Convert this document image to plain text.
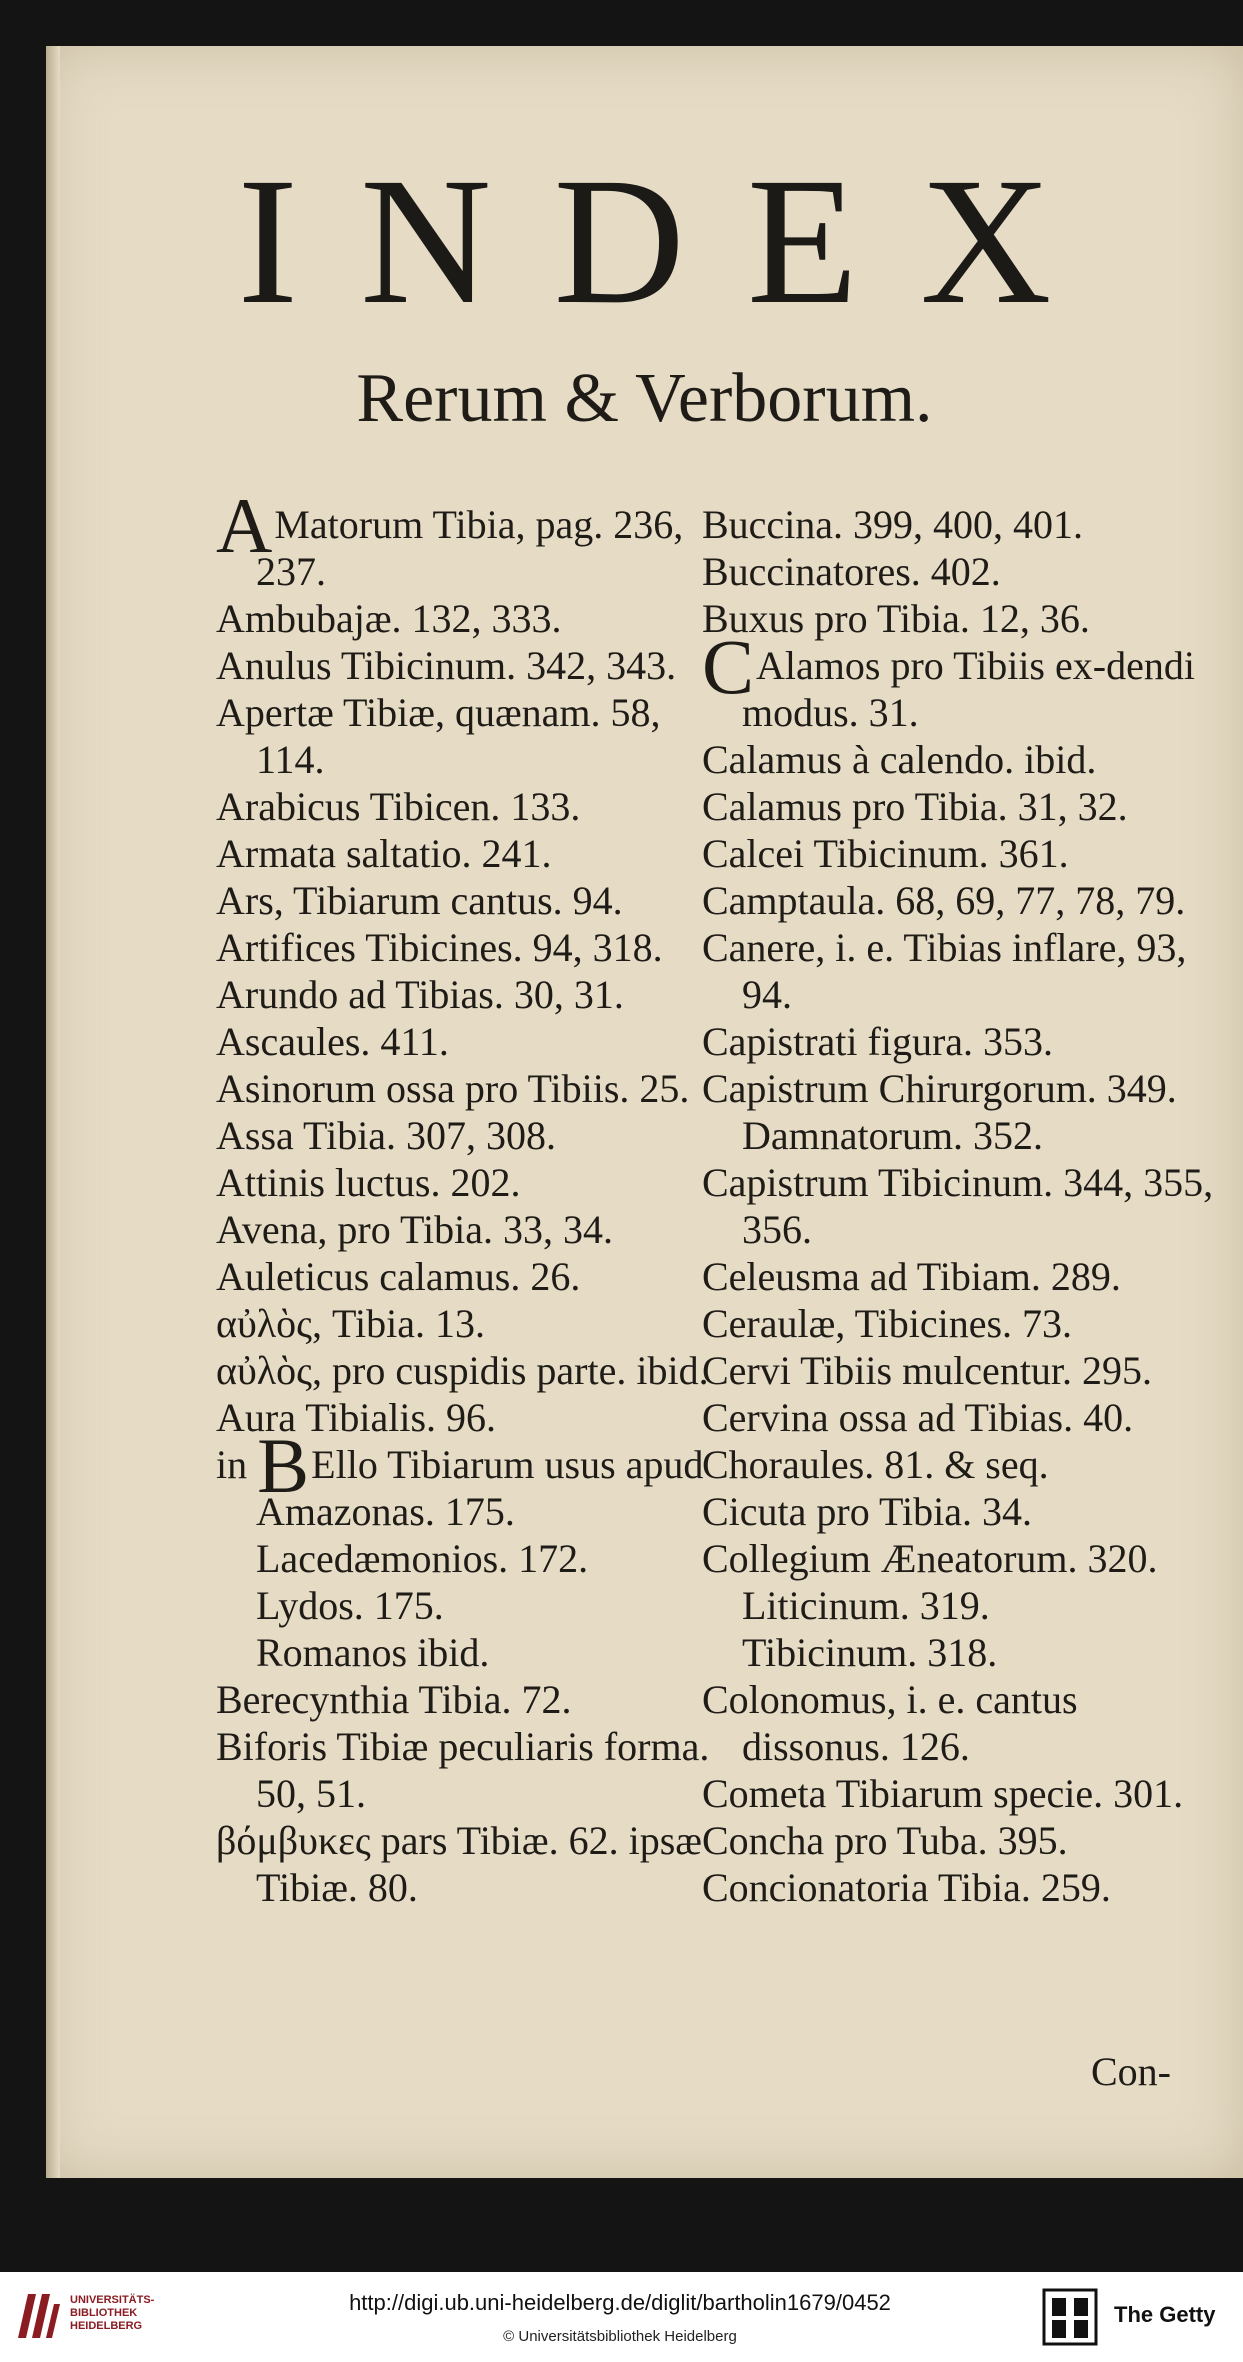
INDEX
Rerum & Verborum.

AMatorum Tibia, pag. 236, 237.

Ambubajæ. 132, 333.

Anulus Tibicinum. 342, 343.

Apertæ Tibiæ, quænam. 58, 114.

Arabicus Tibicen. 133.

Armata saltatio. 241.

Ars, Tibiarum cantus. 94.

Artifices Tibicines. 94, 318.

Arundo ad Tibias. 30, 31.

Ascaules. 411.

Asinorum ossa pro Tibiis. 25.

Assa Tibia. 307, 308.

Attinis luctus. 202.

Avena, pro Tibia. 33, 34.

Auleticus calamus. 26.

αὐλὸς, Tibia. 13.

αὐλὸς, pro cuspidis parte. ibid.

Aura Tibialis. 96.

in BEllo Tibiarum usus apud

Amazonas. 175.

Lacedæmonios. 172.

Lydos. 175.

Romanos ibid.

Berecynthia Tibia. 72.

Biforis Tibiæ peculiaris forma. 50, 51.

βόμβυκες pars Tibiæ. 62. ipsæ Tibiæ. 80.

Buccina. 399, 400, 401.

Buccinatores. 402.

Buxus pro Tibia. 12, 36.

CAlamos pro Tibiis ex-dendi modus. 31.

Calamus à calendo. ibid.

Calamus pro Tibia. 31, 32.

Calcei Tibicinum. 361.

Camptaula. 68, 69, 77, 78, 79.

Canere, i. e. Tibias inflare, 93, 94.

Capistrati figura. 353.

Capistrum Chirurgorum. 349.

Damnatorum. 352.

Capistrum Tibicinum. 344, 355, 356.

Celeusma ad Tibiam. 289.

Ceraulæ, Tibicines. 73.

Cervi Tibiis mulcentur. 295.

Cervina ossa ad Tibias. 40.

Choraules. 81. & seq.

Cicuta pro Tibia. 34.

Collegium Æneatorum. 320.

Liticinum. 319.

Tibicinum. 318.

Colonomus, i. e. cantus dissonus. 126.

Cometa Tibiarum specie. 301.

Concha pro Tuba. 395.

Concionatoria Tibia. 259.

Con-
UNIVERSITÄTS-
BIBLIOTHEK
HEIDELBERG
http://digi.ub.uni-heidelberg.de/diglit/bartholin1679/0452
© Universitätsbibliothek Heidelberg
The Getty
